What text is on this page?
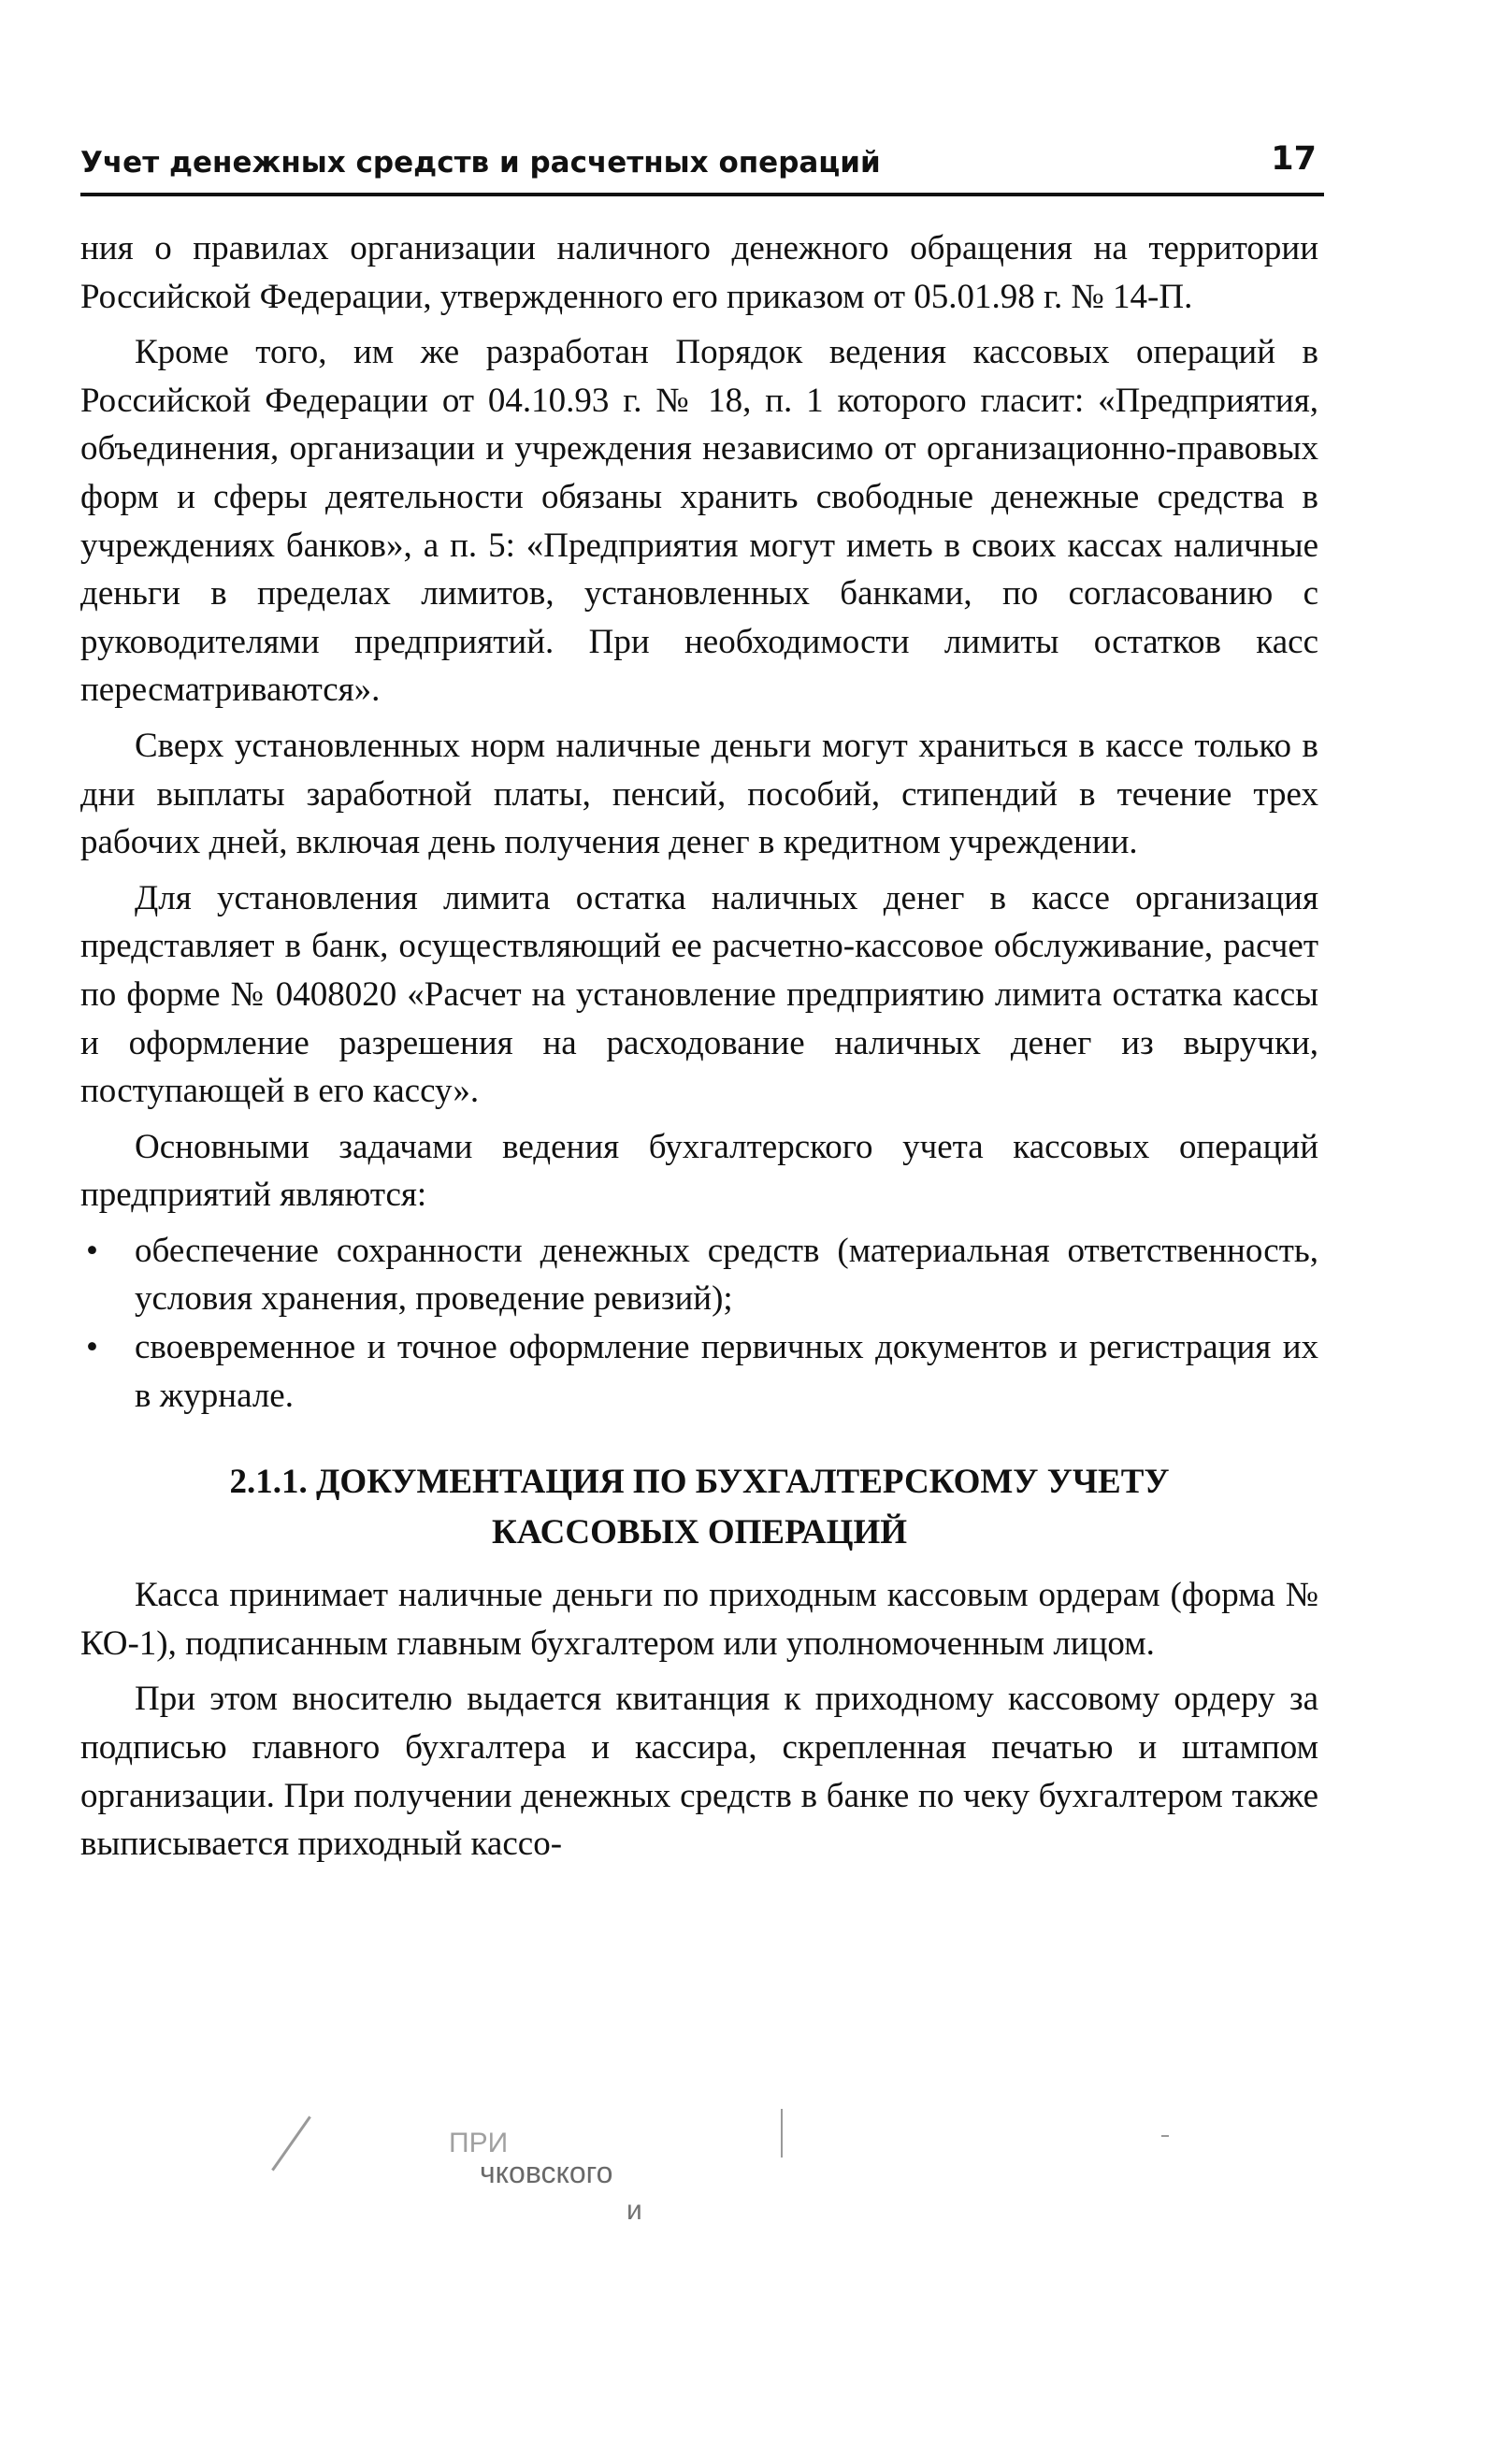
Учет денежных средств и расчетных операций	17

ния о правилах организации наличного денежного обращения на территории Российской Федерации, утвержденного его приказом от 05.01.98 г. № 14-П.

Кроме того, им же разработан Порядок ведения кассовых операций в Российской Федерации от 04.10.93 г. № 18, п. 1 которого гласит: «Предприятия, объединения, организации и учреждения независимо от организационно-правовых форм и сферы деятельности обязаны хранить свободные денежные средства в учреждениях банков», а п. 5: «Предприятия могут иметь в своих кассах наличные деньги в пределах лимитов, установленных банками, по согласованию с руководителями предприятий. При необходимости лимиты остатков касс пересматриваются».

Сверх установленных норм наличные деньги могут храниться в кассе только в дни выплаты заработной платы, пенсий, пособий, стипендий в течение трех рабочих дней, включая день получения денег в кредитном учреждении.

Для установления лимита остатка наличных денег в кассе организация представляет в банк, осуществляющий ее расчетно-кассовое обслуживание, расчет по форме № 0408020 «Расчет на установление предприятию лимита остатка кассы и оформление разрешения на расходование наличных денег из выручки, поступающей в его кассу».

Основными задачами ведения бухгалтерского учета кассовых операций предприятий являются:

• обеспечение сохранности денежных средств (материальная ответственность, условия хранения, проведение ревизий);
• своевременное и точное оформление первичных документов и регистрация их в журнале.
2.1.1. ДОКУМЕНТАЦИЯ ПО БУХГАЛТЕРСКОМУ УЧЕТУ
КАССОВЫХ ОПЕРАЦИЙ

Касса принимает наличные деньги по приходным кассовым ордерам (форма № КО-1), подписанным главным бухгалтером или уполномоченным лицом.

При этом вносителю выдается квитанция к приходному кассовому ордеру за подписью главного бухгалтера и кассира, скрепленная печатью и штампом организации. При получении денежных средств в банке по чеку бухгалтером также выписывается приходный кассо-

ПРИ
чковского
и
